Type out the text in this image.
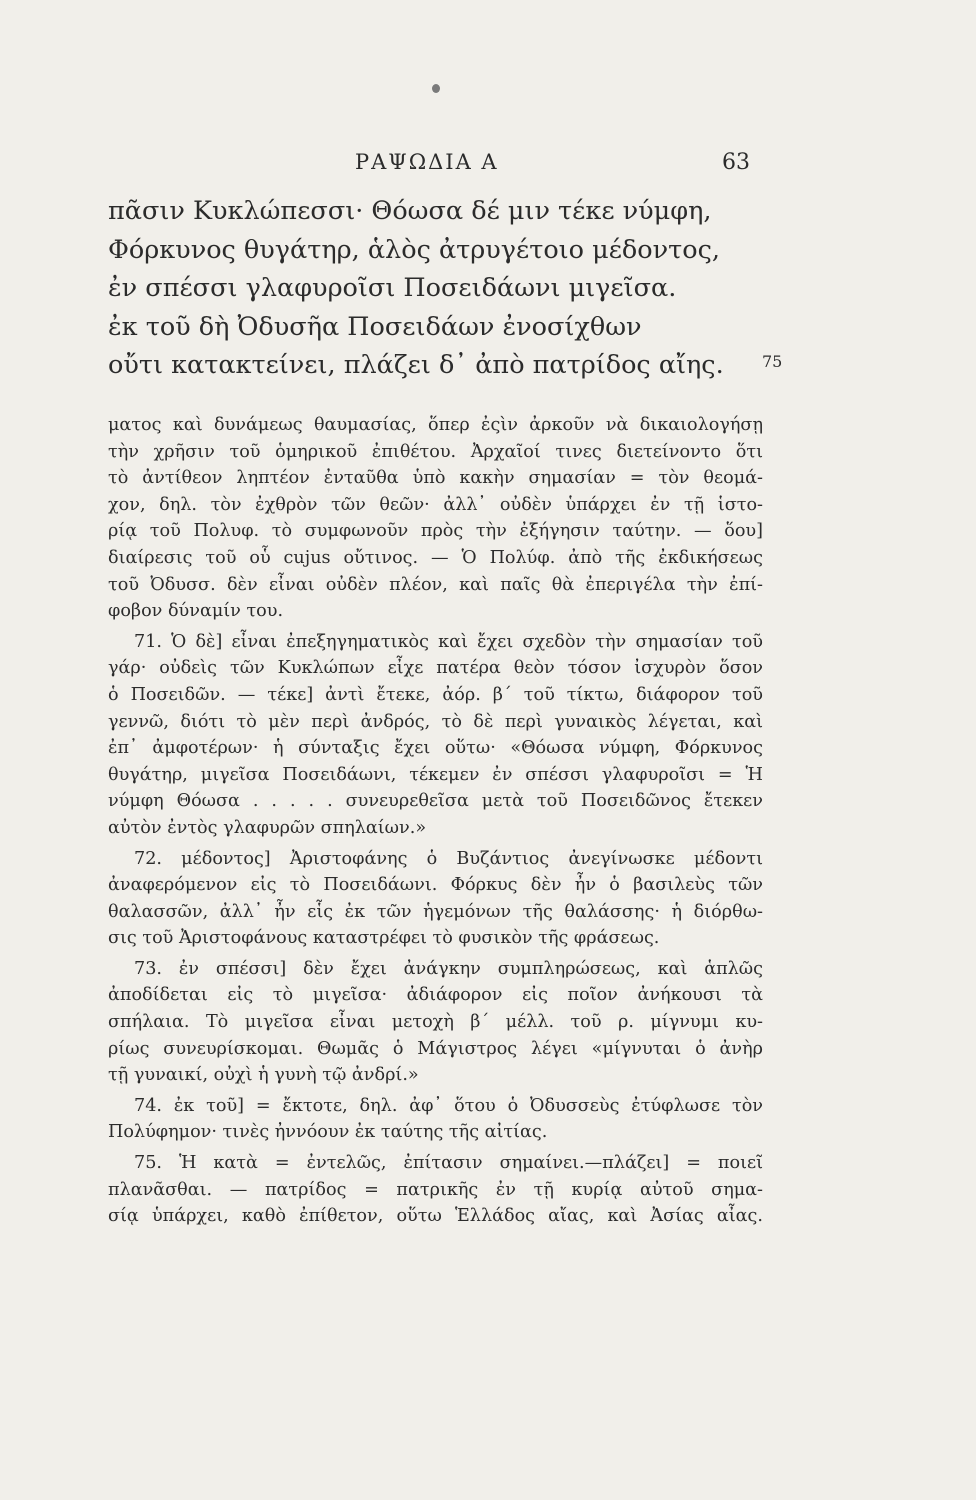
ΡΑΨΩΔΙΑ Α	63
πᾶσιν Κυκλώπεσσι· Θόωσα δέ μιν τέκε νύμφη,
Φόρκυνος θυγάτηρ, ἁλὸς ἀτρυγέτοιο μέδοντος,
ἐν σπέσσι γλαφυροῖσι Ποσειδάωνι μιγεῖσα.
ἐκ τοῦ δὴ Ὀδυσῆα Ποσειδάων ἐνοσίχθων
οὔτι κατακτείνει, πλάζει δ᾿ ἀπὸ πατρίδος αἴης.	75
ματος καὶ δυνάμεως θαυμασίας, ὅπερ ἐςὶν ἀρκοῦν νὰ δικαιολογήσῃ
τὴν χρῆσιν τοῦ ὁμηρικοῦ ἐπιθέτου. Ἀρχαῖοί τινες διετείνοντο ὅτι
τὸ ἀντίθεον ληπτέον ἐνταῦθα ὑπὸ κακὴν σημασίαν = τὸν θεομά-
χον, δηλ. τὸν ἐχθρὸν τῶν θεῶν· ἀλλ᾿ οὐδὲν ὑπάρχει ἐν τῇ ἱστο-
ρίᾳ τοῦ Πολυφ. τὸ συμφωνοῦν πρὸς τὴν ἐξήγησιν ταύτην. — ὅου]
διαίρεσις τοῦ οὗ cujus οὔτινος. — Ὁ Πολύφ. ἀπὸ τῆς ἐκδικήσεως
τοῦ Ὀδυσσ. δὲν εἶναι οὐδὲν πλέον, καὶ παῖς θὰ ἐπεριγέλα τὴν ἐπί-
φοβον δύναμίν του.
71. Ὁ δὲ] εἶναι ἐπεξηγηματικὸς καὶ ἔχει σχεδὸν τὴν σημασίαν τοῦ
γάρ· οὐδεὶς τῶν Κυκλώπων εἶχε πατέρα θεὸν τόσον ἰσχυρὸν ὅσον
ὁ Ποσειδῶν. — τέκε] ἀντὶ ἔτεκε, ἀόρ. β΄ τοῦ τίκτω, διάφορον τοῦ
γεννῶ, διότι τὸ μὲν περὶ ἀνδρός, τὸ δὲ περὶ γυναικὸς λέγεται, καὶ
ἐπ᾿ ἀμφοτέρων· ἡ σύνταξις ἔχει οὕτω· «Θόωσα νύμφη, Φόρκυνος
θυγάτηρ, μιγεῖσα Ποσειδάωνι, τέκεμεν ἐν σπέσσι γλαφυροῖσι = Ἡ
νύμφη Θόωσα . . . . . συνευρεθεῖσα μετὰ τοῦ Ποσειδῶνος ἔτεκεν
αὐτὸν ἐντὸς γλαφυρῶν σπηλαίων.»
72. μέδοντος] Ἀριστοφάνης ὁ Βυζάντιος ἀνεγίνωσκε μέδοντι
ἀναφερόμενον εἰς τὸ Ποσειδάωνι. Φόρκυς δὲν ἦν ὁ βασιλεὺς τῶν
θαλασσῶν, ἀλλ᾿ ἦν εἷς ἐκ τῶν ἡγεμόνων τῆς θαλάσσης· ἡ διόρθω-
σις τοῦ Ἀριστοφάνους καταστρέφει τὸ φυσικὸν τῆς φράσεως.
73. ἐν σπέσσι] δὲν ἔχει ἀνάγκην συμπληρώσεως, καὶ ἁπλῶς
ἀποδίδεται εἰς τὸ μιγεῖσα· ἀδιάφορον εἰς ποῖον ἀνήκουσι τὰ
σπήλαια. Τὸ μιγεῖσα εἶναι μετοχὴ β΄ μέλλ. τοῦ ρ. μίγνυμι κυ-
ρίως συνευρίσκομαι. Θωμᾶς ὁ Μάγιστρος λέγει «μίγνυται ὁ ἀνὴρ
τῇ γυναικί, οὐχὶ ἡ γυνὴ τῷ ἀνδρί.»
74. ἐκ τοῦ] = ἔκτοτε, δηλ. ἀφ᾿ ὅτου ὁ Ὀδυσσεὺς ἐτύφλωσε τὸν
Πολύφημον· τινὲς ἠννόουν ἐκ ταύτης τῆς αἰτίας.
75. Ἡ κατὰ = ἐντελῶς, ἐπίτασιν σημαίνει.—πλάζει] = ποιεῖ
πλανᾶσθαι. — πατρίδος = πατρικῆς ἐν τῇ κυρίᾳ αὐτοῦ σημα-
σίᾳ ὑπάρχει, καθὸ ἐπίθετον, οὕτω Ἑλλάδος αἴας, καὶ Ἀσίας αἶας.
